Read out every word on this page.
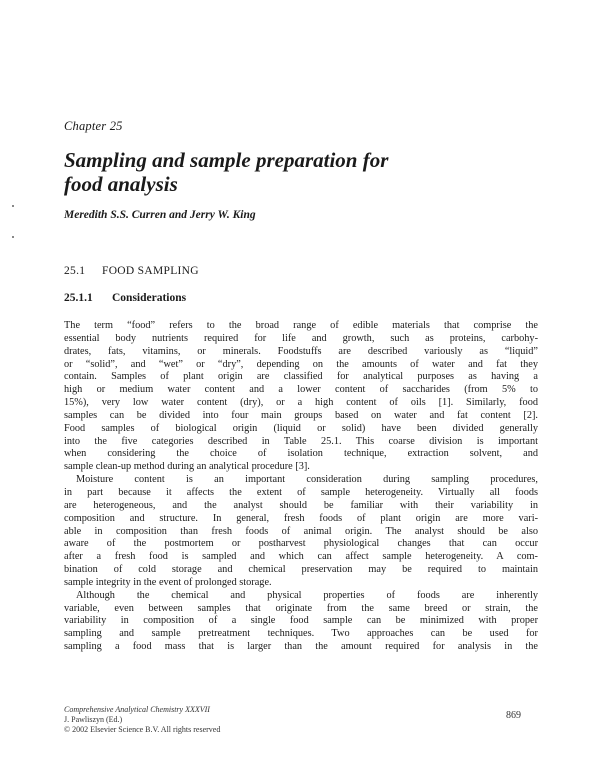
Chapter 25
Sampling and sample preparation for
food analysis
Meredith S.S. Curren and Jerry W. King
25.1 FOOD SAMPLING
25.1.1 Considerations
The term “food” refers to the broad range of edible materials that comprise the
essential body nutrients required for life and growth, such as proteins, carbohy-
drates, fats, vitamins, or minerals. Foodstuffs are described variously as “liquid”
or “solid”, and “wet” or “dry”, depending on the amounts of water and fat they
contain. Samples of plant origin are classified for analytical purposes as having a
high or medium water content and a lower content of saccharides (from 5% to
15%), very low water content (dry), or a high content of oils [1]. Similarly, food
samples can be divided into four main groups based on water and fat content [2].
Food samples of biological origin (liquid or solid) have been divided generally
into the five categories described in Table 25.1. This coarse division is important
when considering the choice of isolation technique, extraction solvent, and
sample clean-up method during an analytical procedure [3].
Moisture content is an important consideration during sampling procedures,
in part because it affects the extent of sample heterogeneity. Virtually all foods
are heterogeneous, and the analyst should be familiar with their variability in
composition and structure. In general, fresh foods of plant origin are more vari-
able in composition than fresh foods of animal origin. The analyst should be also
aware of the postmortem or postharvest physiological changes that can occur
after a fresh food is sampled and which can affect sample heterogeneity. A com-
bination of cold storage and chemical preservation may be required to maintain
sample integrity in the event of prolonged storage.
Although the chemical and physical properties of foods are inherently
variable, even between samples that originate from the same breed or strain, the
variability in composition of a single food sample can be minimized with proper
sampling and sample pretreatment techniques. Two approaches can be used for
sampling a food mass that is larger than the amount required for analysis in the
Comprehensive Analytical Chemistry XXXVII
J. Pawliszyn (Ed.)
© 2002 Elsevier Science B.V. All rights reserved
869
